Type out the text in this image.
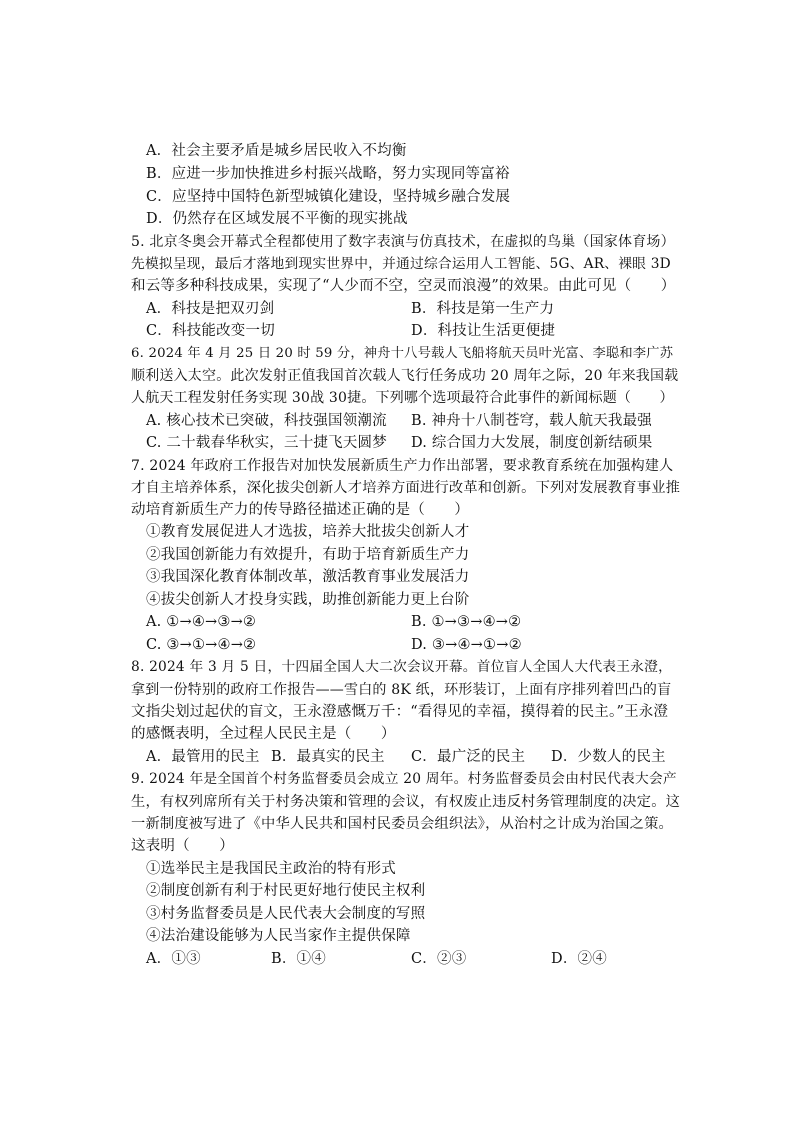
A．社会主要矛盾是城乡居民收入不均衡
B．应进一步加快推进乡村振兴战略，努力实现同等富裕
C．应坚持中国特色新型城镇化建设，坚持城乡融合发展
D．仍然存在区域发展不平衡的现实挑战
5. 北京冬奥会开幕式全程都使用了数字表演与仿真技术，在虚拟的鸟巢（国家体育场）
先模拟呈现，最后才落地到现实世界中，并通过综合运用人工智能、5G、AR、裸眼 3D
和云等多种科技成果，实现了“人少而不空，空灵而浪漫”的效果。由此可见（　　）
A．科技是把双刃剑	B．科技是第一生产力
C．科技能改变一切	D．科技让生活更便捷
6. 2024 年 4 月 25 日 20 时 59 分，神舟十八号载人飞船将航天员叶光富、李聪和李广苏
顺利送入太空。此次发射正值我国首次载人飞行任务成功 20 周年之际，20 年来我国载
人航天工程发射任务实现 30战 30捷。下列哪个选项最符合此事件的新闻标题（　　）
A. 核心技术已突破，科技强国领潮流 B. 神舟十八制苍穹，载人航天我最强
C. 二十载春华秋实，三十捷飞天圆梦 D. 综合国力大发展，制度创新结硕果
7. 2024 年政府工作报告对加快发展新质生产力作出部署，要求教育系统在加强构建人
才自主培养体系，深化拔尖创新人才培养方面进行改革和创新。下列对发展教育事业推
动培育新质生产力的传导路径描述正确的是（　　）
①教育发展促进人才选拔，培养大批拔尖创新人才
②我国创新能力有效提升，有助于培育新质生产力
③我国深化教育体制改革，激活教育事业发展活力
④拔尖创新人才投身实践，助推创新能力更上台阶
A. ①→④→③→②	B. ①→③→④→②
C. ③→①→④→②	D. ③→④→①→②
8. 2024 年 3 月 5 日，十四届全国人大二次会议开幕。首位盲人全国人大代表王永澄，
拿到一份特别的政府工作报告——雪白的 8K 纸，环形装订，上面有序排列着凹凸的盲
文指尖划过起伏的盲文，王永澄感慨万千：“看得见的幸福，摸得着的民主。”王永澄
的感慨表明，全过程人民民主是（　　）
A．最管用的民主 B．最真实的民主 C．最广泛的民主 D．少数人的民主
9. 2024 年是全国首个村务监督委员会成立 20 周年。村务监督委员会由村民代表大会产
生，有权列席所有关于村务决策和管理的会议，有权废止违反村务管理制度的决定。这
一新制度被写进了《中华人民共和国村民委员会组织法》，从治村之计成为治国之策。
这表明（　　）
①选举民主是我国民主政治的特有形式
②制度创新有利于村民更好地行使民主权利
③村务监督委员是人民代表大会制度的写照
④法治建设能够为人民当家作主提供保障
A．①③	B．①④	C．②③	D．②④
